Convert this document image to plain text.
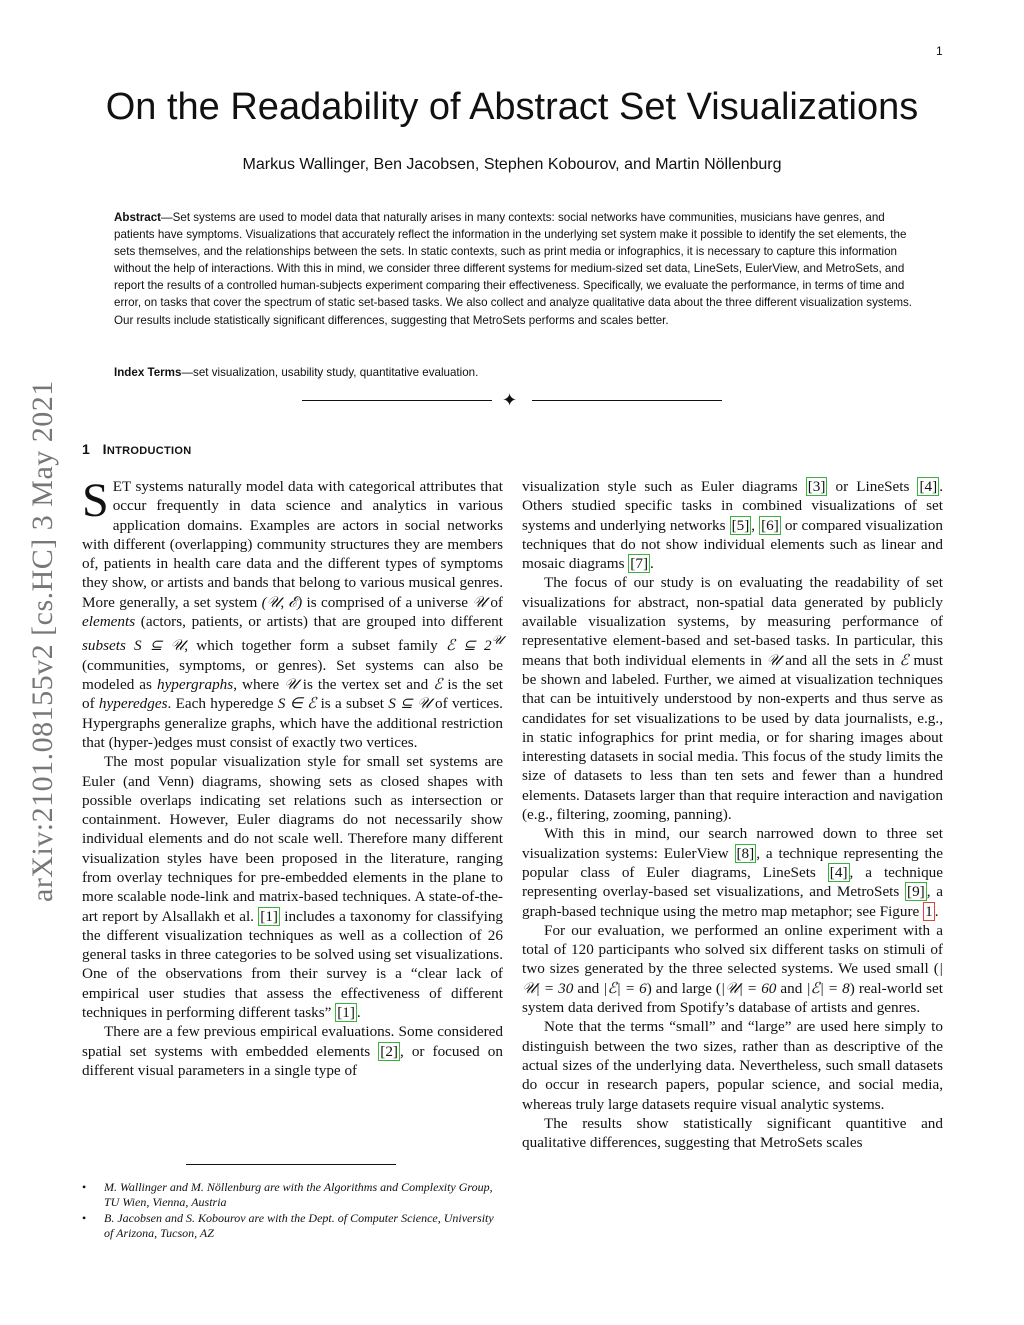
1
arXiv:2101.08155v2 [cs.HC] 3 May 2021
On the Readability of Abstract Set Visualizations
Markus Wallinger, Ben Jacobsen, Stephen Kobourov, and Martin Nöllenburg
Abstract—Set systems are used to model data that naturally arises in many contexts: social networks have communities, musicians have genres, and patients have symptoms. Visualizations that accurately reflect the information in the underlying set system make it possible to identify the set elements, the sets themselves, and the relationships between the sets. In static contexts, such as print media or infographics, it is necessary to capture this information without the help of interactions. With this in mind, we consider three different systems for medium-sized set data, LineSets, EulerView, and MetroSets, and report the results of a controlled human-subjects experiment comparing their effectiveness. Specifically, we evaluate the performance, in terms of time and error, on tasks that cover the spectrum of static set-based tasks. We also collect and analyze qualitative data about the three different visualization systems. Our results include statistically significant differences, suggesting that MetroSets performs and scales better.
Index Terms—set visualization, usability study, quantitative evaluation.
✦
1 INTRODUCTION

SET systems naturally model data with categorical attributes that occur frequently in data science and analytics in various application domains. Examples are actors in social networks with different (overlapping) community structures they are members of, patients in health care data and the different types of symptoms they show, or artists and bands that belong to various musical genres. More generally, a set system (𝒰, ℰ) is comprised of a universe 𝒰 of elements (actors, patients, or artists) that are grouped into different subsets S ⊆ 𝒰, which together form a subset family ℰ ⊆ $2^𝒰$ (communities, symptoms, or genres). Set systems can also be modeled as hypergraphs, where 𝒰 is the vertex set and ℰ is the set of hyperedges. Each hyperedge S ∈ ℰ is a subset S ⊆ 𝒰 of vertices. Hypergraphs generalize graphs, which have the additional restriction that (hyper-)edges must consist of exactly two vertices.

The most popular visualization style for small set systems are Euler (and Venn) diagrams, showing sets as closed shapes with possible overlaps indicating set relations such as intersection or containment. However, Euler diagrams do not necessarily show individual elements and do not scale well. Therefore many different visualization styles have been proposed in the literature, ranging from overlay techniques for pre-embedded elements in the plane to more scalable node-link and matrix-based techniques. A state-of-the-art report by Alsallakh et al. [1] includes a taxonomy for classifying the different visualization techniques as well as a collection of 26 general tasks in three categories to be solved using set visualizations. One of the observations from their survey is a “clear lack of empirical user studies that assess the effectiveness of different techniques in performing different tasks” [1] .

There are a few previous empirical evaluations. Some considered spatial set systems with embedded elements [2] , or focused on different visual parameters in a single type of

visualization style such as Euler diagrams [3] or LineSets [4] . Others studied specific tasks in combined visualizations of set systems and underlying networks [5] , [6] or compared visualization techniques that do not show individual elements such as linear and mosaic diagrams [7] .

The focus of our study is on evaluating the readability of set visualizations for abstract, non-spatial data generated by publicly available visualization systems, by measuring performance of representative element-based and set-based tasks. In particular, this means that both individual elements in 𝒰 and all the sets in ℰ must be shown and labeled. Further, we aimed at visualization techniques that can be intuitively understood by non-experts and thus serve as candidates for set visualizations to be used by data journalists, e.g., in static infographics for print media, or for sharing images about interesting datasets in social media. This focus of the study limits the size of datasets to less than ten sets and fewer than a hundred elements. Datasets larger than that require interaction and navigation (e.g., filtering, zooming, panning).

With this in mind, our search narrowed down to three set visualization systems: EulerView [8] , a technique representing the popular class of Euler diagrams, LineSets [4] , a technique representing overlay-based set visualizations, and MetroSets [9] , a graph-based technique using the metro map metaphor; see Figure 1 .

For our evaluation, we performed an online experiment with a total of 120 participants who solved six different tasks on stimuli of two sizes generated by the three selected systems. We used small (|𝒰| = 30 and |ℰ| = 6) and large (|𝒰| = 60 and |ℰ| = 8) real-world set system data derived from Spotify’s database of artists and genres.

Note that the terms “small” and “large” are used here simply to distinguish between the two sizes, rather than as descriptive of the actual sizes of the underlying data. Nevertheless, such small datasets do occur in research papers, popular science, and social media, whereas truly large datasets require visual analytic systems.

The results show statistically significant quantitive and qualitative differences, suggesting that MetroSets scales

• M. Wallinger and M. Nöllenburg are with the Algorithms and Complexity Group, TU Wien, Vienna, Austria
• B. Jacobsen and S. Kobourov are with the Dept. of Computer Science, University of Arizona, Tucson, AZ
